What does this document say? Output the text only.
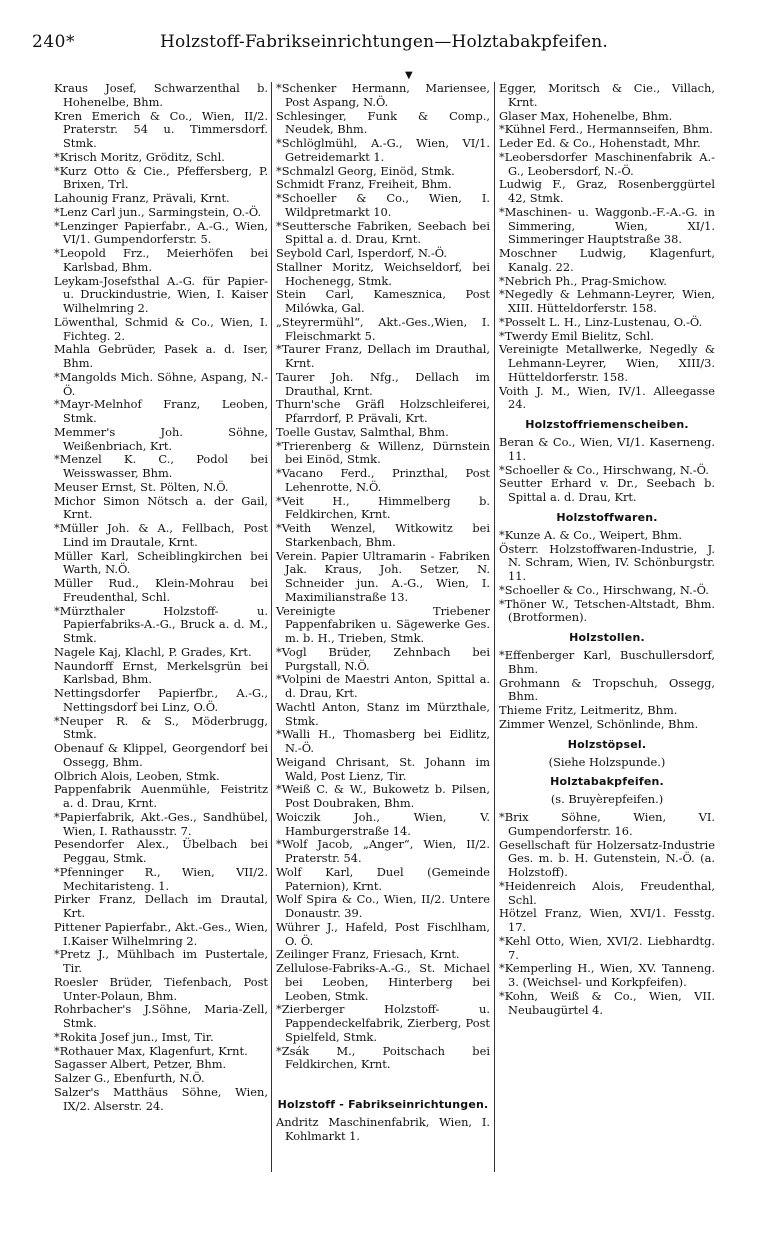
240*	Holzstoff-Fabrikseinrichtungen—Holztabakpfeifen.
▼
Kraus Josef, Schwarzenthal b. Hohenelbe, Bhm.
Kren Emerich & Co., Wien, II/2. Praterstr. 54 u. Timmersdorf. Stmk.
*Krisch Moritz, Gröditz, Schl.
*Kurz Otto & Cie., Pfeffersberg, P. Brixen, Trl.
Lahounig Franz, Prävali, Krnt.
*Lenz Carl jun., Sarmingstein, O.-Ö.
*Lenzinger Papierfabr., A.-G., Wien, VI/1. Gumpendorferstr. 5.
*Leopold Frz., Meierhöfen bei Karlsbad, Bhm.
Leykam-Josefsthal A.-G. für Papier- u. Druckindustrie, Wien, I. Kaiser Wilhelmring 2.
Löwenthal, Schmid & Co., Wien, I. Fichteg. 2.
Mahla Gebrüder, Pasek a. d. Iser, Bhm.
*Mangolds Mich. Söhne, Aspang, N.-Ö.
*Mayr-Melnhof Franz, Leoben, Stmk.
Memmer's Joh. Söhne, Weißenbriach, Krt.
*Menzel K. C., Podol bei Weisswasser, Bhm.
Meuser Ernst, St. Pölten, N.Ö.
Michor Simon Nötsch a. der Gail, Krnt.
*Müller Joh. & A., Fellbach, Post Lind im Drautale, Krnt.
Müller Karl, Scheiblingkirchen bei Warth, N.Ö.
Müller Rud., Klein-Mohrau bei Freudenthal, Schl.
*Mürzthaler Holzstoff- u. Papierfabriks-A.-G., Bruck a. d. M., Stmk.
Nagele Kaj, Klachl, P. Grades, Krt.
Naundorff Ernst, Merkelsgrün bei Karlsbad, Bhm.
Nettingsdorfer Papierfbr., A.-G., Nettingsdorf bei Linz, O.Ö.
*Neuper R. & S., Möderbrugg, Stmk.
Obenauf & Klippel, Georgendorf bei Ossegg, Bhm.
Olbrich Alois, Leoben, Stmk.
Pappenfabrik Auenmühle, Feistritz a. d. Drau, Krnt.
*Papierfabrik, Akt.-Ges., Sandhübel, Wien, I. Rathausstr. 7.
Pesendorfer Alex., Übelbach bei Peggau, Stmk.
*Pfenninger R., Wien, VII/2. Mechitaristeng. 1.
Pirker Franz, Dellach im Drautal, Krt.
Pittener Papierfabr., Akt.-Ges., Wien, I.Kaiser Wilhelmring 2.
*Pretz J., Mühlbach im Pustertale, Tir.
Roesler Brüder, Tiefenbach, Post Unter-Polaun, Bhm.
Rohrbacher's J.Söhne, Maria-Zell, Stmk.
*Rokita Josef jun., Imst, Tir.
*Rothauer Max, Klagenfurt, Krnt.
Sagasser Albert, Petzer, Bhm.
Salzer G., Ebenfurth, N.Ö.
Salzer's Matthäus Söhne, Wien, IX/2. Alserstr. 24.
*Schenker Hermann, Mariensee, Post Aspang, N.Ö.
Schlesinger, Funk & Comp., Neudek, Bhm.
*Schlöglmühl, A.-G., Wien, VI/1. Getreidemarkt 1.
*Schmalzl Georg, Einöd, Stmk.
Schmidt Franz, Freiheit, Bhm.
*Schoeller & Co., Wien, I. Wildpretmarkt 10.
*Seuttersche Fabriken, Seebach bei Spittal a. d. Drau, Krnt.
Seybold Carl, Isperdorf, N.-Ö.
Stallner Moritz, Weichseldorf, bei Hochenegg, Stmk.
Stein Carl, Kamesznica, Post Milówka, Gal.
„Steyrermühl“, Akt.-Ges.,Wien, I. Fleischmarkt 5.
*Taurer Franz, Dellach im Drauthal, Krnt.
Taurer Joh. Nfg., Dellach im Drauthal, Krnt.
Thurn'sche Gräfl Holzschleiferei, Pfarrdorf, P. Prävali, Krt.
Toelle Gustav, Salmthal, Bhm.
*Trierenberg & Willenz, Dürnstein bei Einöd, Stmk.
*Vacano Ferd., Prinzthal, Post Lehenrotte, N.Ö.
*Veit H., Himmelberg b. Feldkirchen, Krnt.
*Veith Wenzel, Witkowitz bei Starkenbach, Bhm.
Verein. Papier Ultramarin - Fabriken Jak. Kraus, Joh. Setzer, N. Schneider jun. A.-G., Wien, I. Maximilianstraße 13.
Vereinigte Triebener Pappenfabriken u. Sägewerke Ges. m. b. H., Trieben, Stmk.
*Vogl Brüder, Zehnbach bei Purgstall, N.Ö.
*Volpini de Maestri Anton, Spittal a. d. Drau, Krt.
Wachtl Anton, Stanz im Mürzthale, Stmk.
*Walli H., Thomasberg bei Eidlitz, N.-Ö.
Weigand Chrisant, St. Johann im Wald, Post Lienz, Tir.
*Weiß C. & W., Bukowetz b. Pilsen, Post Doubraken, Bhm.
Woiczik Joh., Wien, V. Hamburgerstraße 14.
*Wolf Jacob, „Anger“, Wien, II/2. Praterstr. 54.
Wolf Karl, Duel (Gemeinde Paternion), Krnt.
Wolf Spira & Co., Wien, II/2. Untere Donaustr. 39.
Wührer J., Hafeld, Post Fischlham, O. Ö.
Zeilinger Franz, Friesach, Krnt.
Zellulose-Fabriks-A.-G., St. Michael bei Leoben, Hinterberg bei Leoben, Stmk.
*Zierberger Holzstoff- u. Pappendeckelfabrik, Zierberg, Post Spielfeld, Stmk.
*Zsák M., Poitschach bei Feldkirchen, Krnt.
Holzstoff - Fabrikseinrichtungen.
Andritz Maschinenfabrik, Wien, I. Kohlmarkt 1.
Egger, Moritsch & Cie., Villach, Krnt.
Glaser Max, Hohenelbe, Bhm.
*Kühnel Ferd., Hermannseifen, Bhm.
Leder Ed. & Co., Hohenstadt, Mhr.
*Leobersdorfer Maschinenfabrik A.-G., Leobersdorf, N.-Ö.
Ludwig F., Graz, Rosenberggürtel 42, Stmk.
*Maschinen- u. Waggonb.-F.-A.-G. in Simmering, Wien, XI/1. Simmeringer Hauptstraße 38.
Moschner Ludwig, Klagenfurt, Kanalg. 22.
*Nebrich Ph., Prag-Smichow.
*Negedly & Lehmann-Leyrer, Wien, XIII. Hütteldorferstr. 158.
*Posselt L. H., Linz-Lustenau, O.-Ö.
*Twerdy Emil Bielitz, Schl.
Vereinigte Metallwerke, Negedly & Lehmann-Leyrer, Wien, XIII/3. Hütteldorferstr. 158.
Voith J. M., Wien, IV/1. Alleegasse 24.
Holzstoffriemenscheiben.
Beran & Co., Wien, VI/1. Kaserneng. 11.
*Schoeller & Co., Hirschwang, N.-Ö.
Seutter Erhard v. Dr., Seebach b. Spittal a. d. Drau, Krt.
Holzstoffwaren.
*Kunze A. & Co., Weipert, Bhm.
Österr. Holzstoffwaren-Industrie, J. N. Schram, Wien, IV. Schönburgstr. 11.
*Schoeller & Co., Hirschwang, N.-Ö.
*Thöner W., Tetschen-Altstadt, Bhm. (Brotformen).
Holzstollen.
*Effenberger Karl, Buschullersdorf, Bhm.
Grohmann & Tropschuh, Ossegg, Bhm.
Thieme Fritz, Leitmeritz, Bhm.
Zimmer Wenzel, Schönlinde, Bhm.
Holzstöpsel.
(Siehe Holzspunde.)
Holztabakpfeifen.
(s. Bruyèrepfeifen.)
*Brix Söhne, Wien, VI. Gumpendorferstr. 16.
Gesellschaft für Holzersatz-Industrie Ges. m. b. H. Gutenstein, N.-Ö. (a. Holzstoff).
*Heidenreich Alois, Freudenthal, Schl.
Hötzel Franz, Wien, XVI/1. Fesstg. 17.
*Kehl Otto, Wien, XVI/2. Liebhardtg. 7.
*Kemperling H., Wien, XV. Tanneng. 3. (Weichsel- und Korkpfeifen).
*Kohn, Weiß & Co., Wien, VII. Neubaugürtel 4.
